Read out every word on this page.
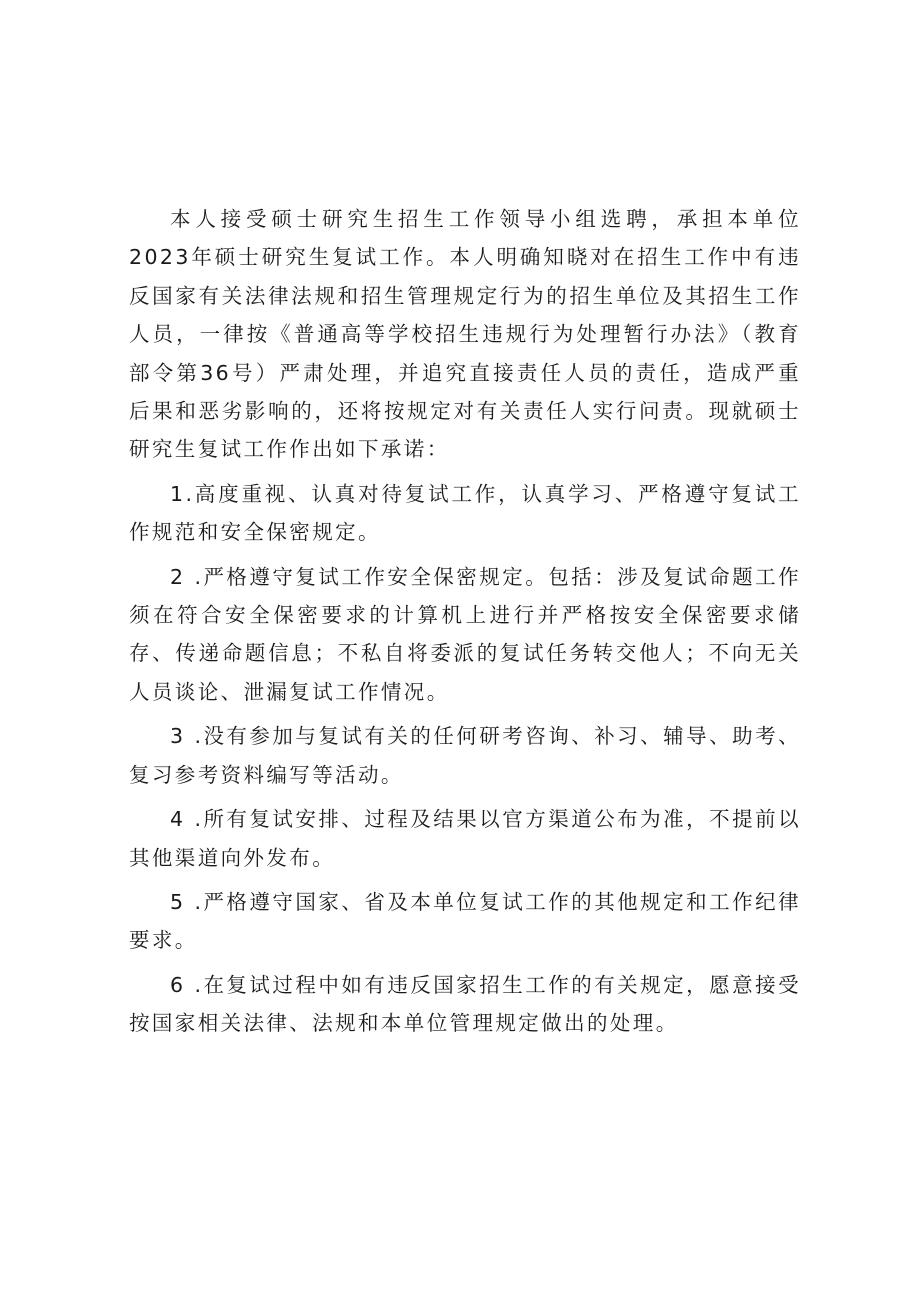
本人接受硕士研究生招生工作领导小组选聘，承担本单位2023年硕士研究生复试工作。本人明确知晓对在招生工作中有违反国家有关法律法规和招生管理规定行为的招生单位及其招生工作人员，一律按《普通高等学校招生违规行为处理暂行办法》（教育部令第36号）严肃处理，并追究直接责任人员的责任，造成严重后果和恶劣影响的，还将按规定对有关责任人实行问责。现就硕士研究生复试工作作出如下承诺：

1.高度重视、认真对待复试工作，认真学习、严格遵守复试工作规范和安全保密规定。

2 .严格遵守复试工作安全保密规定。包括：涉及复试命题工作须在符合安全保密要求的计算机上进行并严格按安全保密要求储存、传递命题信息；不私自将委派的复试任务转交他人；不向无关人员谈论、泄漏复试工作情况。

3 .没有参加与复试有关的任何研考咨询、补习、辅导、助考、复习参考资料编写等活动。

4 .所有复试安排、过程及结果以官方渠道公布为准，不提前以其他渠道向外发布。

5 .严格遵守国家、省及本单位复试工作的其他规定和工作纪律要求。

6 .在复试过程中如有违反国家招生工作的有关规定，愿意接受按国家相关法律、法规和本单位管理规定做出的处理。
